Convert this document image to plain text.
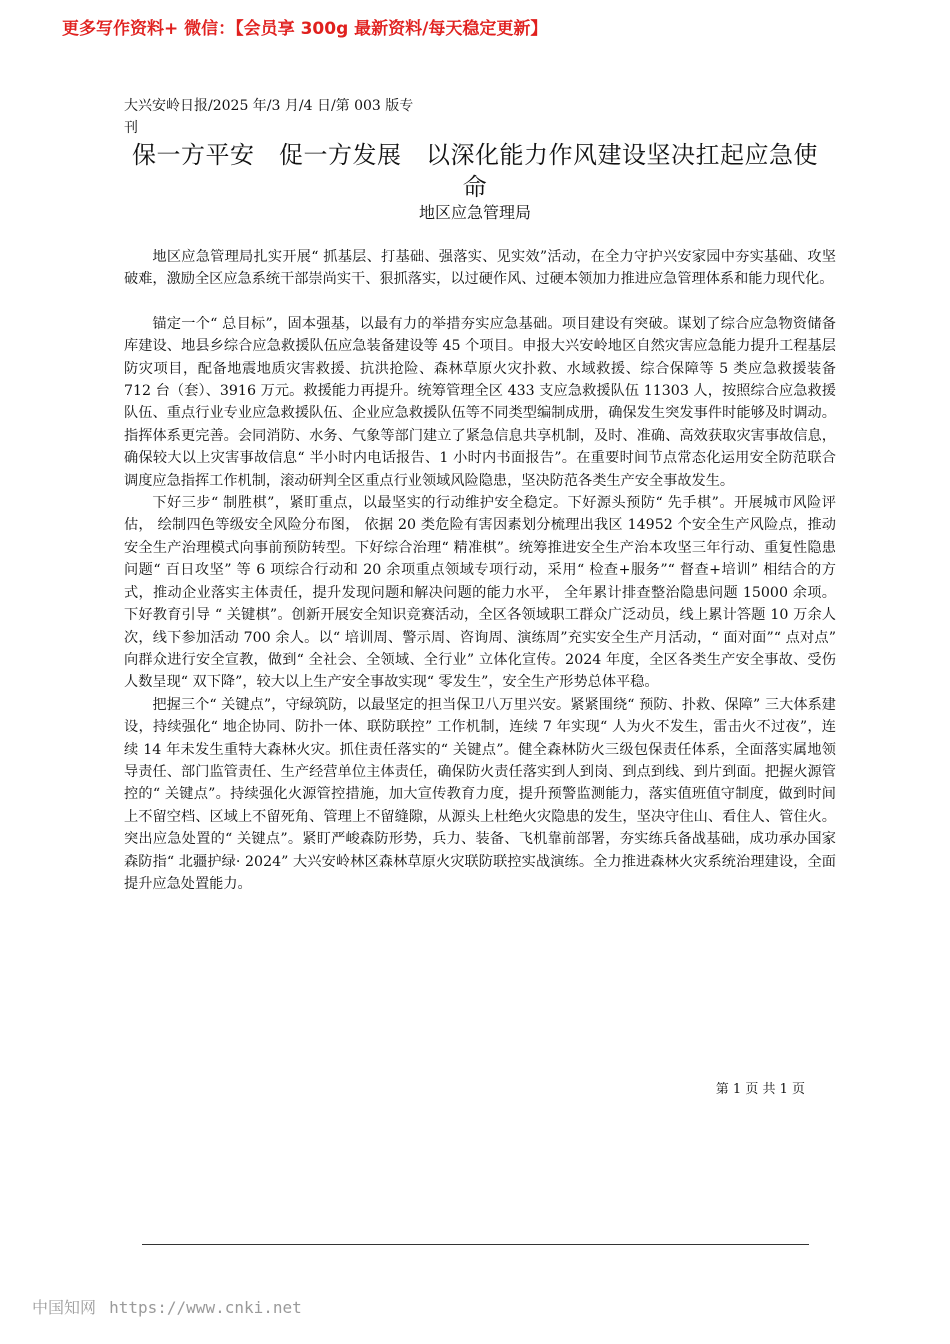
更多写作资料+ 微信：【会员享 300g 最新资料/每天稳定更新】
大兴安岭日报/2025 年/3 月/4 日/第 003 版专刊
保一方平安　促一方发展　以深化能力作风建设坚决扛起应急使命
地区应急管理局

地区应急管理局扎实开展“ 抓基层、打基础、强落实、见实效”活动，在全力守护兴安家园中夯实基础、攻坚破难，激励全区应急系统干部崇尚实干、狠抓落实，以过硬作风、过硬本领加力推进应急管理体系和能力现代化。

锚定一个“ 总目标”，固本强基，以最有力的举措夯实应急基础。项目建设有突破。谋划了综合应急物资储备库建设、地县乡综合应急救援队伍应急装备建设等 45 个项目。申报大兴安岭地区自然灾害应急能力提升工程基层防灾项目，配备地震地质灾害救援、抗洪抢险、森林草原火灾扑救、水域救援、综合保障等 5 类应急救援装备 712 台（套）、3916 万元。救援能力再提升。统筹管理全区 433 支应急救援队伍 11303 人，按照综合应急救援队伍、重点行业专业应急救援队伍、企业应急救援队伍等不同类型编制成册，确保发生突发事件时能够及时调动。指挥体系更完善。会同消防、水务、气象等部门建立了紧急信息共享机制，及时、准确、高效获取灾害事故信息，确保较大以上灾害事故信息“ 半小时内电话报告、1 小时内书面报告”。在重要时间节点常态化运用安全防范联合调度应急指挥工作机制，滚动研判全区重点行业领域风险隐患，坚决防范各类生产安全事故发生。

下好三步“ 制胜棋”，紧盯重点，以最坚实的行动维护安全稳定。下好源头预防“ 先手棋”。开展城市风险评估， 绘制四色等级安全风险分布图， 依据 20 类危险有害因素划分梳理出我区 14952 个安全生产风险点，推动安全生产治理模式向事前预防转型。下好综合治理“ 精准棋”。统筹推进安全生产治本攻坚三年行动、重复性隐患问题“ 百日攻坚” 等 6 项综合行动和 20 余项重点领域专项行动，采用“ 检查+服务”“ 督查+培训” 相结合的方式，推动企业落实主体责任，提升发现问题和解决问题的能力水平， 全年累计排查整治隐患问题 15000 余项。 下好教育引导 “ 关键棋”。创新开展安全知识竞赛活动，全区各领域职工群众广泛动员，线上累计答题 10 万余人次，线下参加活动 700 余人。以“ 培训周、警示周、咨询周、演练周”充实安全生产月活动，“ 面对面”“ 点对点” 向群众进行安全宣教，做到“ 全社会、全领域、全行业” 立体化宣传。2024 年度，全区各类生产安全事故、受伤人数呈现“ 双下降”，较大以上生产安全事故实现“ 零发生”，安全生产形势总体平稳。

把握三个“ 关键点”，守绿筑防，以最坚定的担当保卫八万里兴安。紧紧围绕“ 预防、扑救、保障” 三大体系建设，持续强化“ 地企协同、防扑一体、联防联控” 工作机制，连续 7 年实现“ 人为火不发生，雷击火不过夜”，连续 14 年未发生重特大森林火灾。抓住责任落实的“ 关键点”。健全森林防火三级包保责任体系，全面落实属地领导责任、部门监管责任、生产经营单位主体责任，确保防火责任落实到人到岗、到点到线、到片到面。把握火源管控的“ 关键点”。持续强化火源管控措施，加大宣传教育力度，提升预警监测能力，落实值班值守制度，做到时间上不留空档、区域上不留死角、管理上不留缝隙，从源头上杜绝火灾隐患的发生，坚决守住山、看住人、管住火。突出应急处置的“ 关键点”。紧盯严峻森防形势，兵力、装备、飞机靠前部署，夯实练兵备战基础，成功承办国家森防指“ 北疆护绿· 2024” 大兴安岭林区森林草原火灾联防联控实战演练。全力推进森林火灾系统治理建设，全面提升应急处置能力。

第 1 页 共 1 页
中国知网 https://www.cnki.net
